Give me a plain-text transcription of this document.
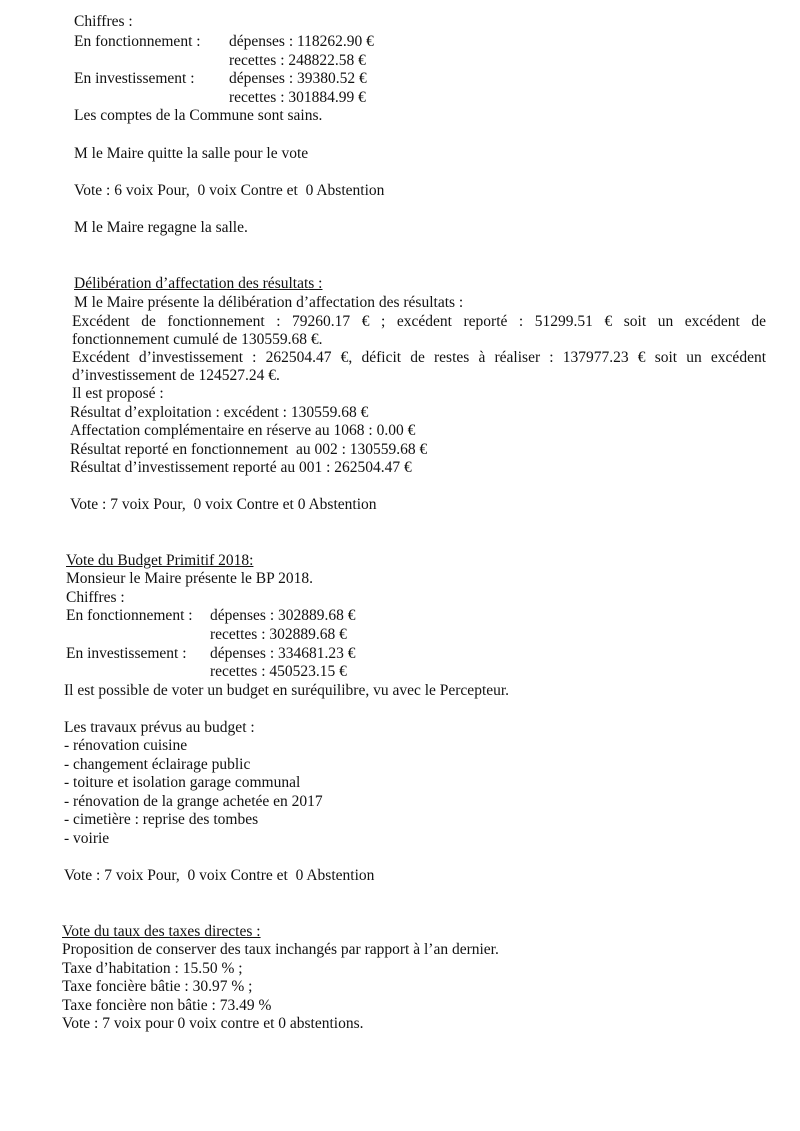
Chiffres :
En fonctionnement : dépenses : 118262.90 €
recettes : 248822.58 €
En investissement : dépenses : 39380.52 €
recettes : 301884.99 €
Les comptes de la Commune sont sains.
M le Maire quitte la salle pour le vote
Vote : 6 voix Pour,  0 voix Contre et  0 Abstention
M le Maire regagne la salle.
Délibération d’affectation des résultats :
M le Maire présente la délibération d’affectation des résultats :
Excédent de fonctionnement : 79260.17 € ; excédent reporté : 51299.51 € soit un excédent de
fonctionnement cumulé de 130559.68 €.
Excédent d’investissement : 262504.47 €, déficit de restes à réaliser : 137977.23 € soit un excédent
d’investissement de 124527.24 €.
Il est proposé :
Résultat d’exploitation : excédent : 130559.68 €
Affectation complémentaire en réserve au 1068 : 0.00 €
Résultat reporté en fonctionnement  au 002 : 130559.68 €
Résultat d’investissement reporté au 001 : 262504.47 €
Vote : 7 voix Pour,  0 voix Contre et 0 Abstention
Vote du Budget Primitif 2018:
Monsieur le Maire présente le BP 2018.
Chiffres :
En fonctionnement : dépenses : 302889.68 €
recettes : 302889.68 €
En investissement : dépenses : 334681.23 €
recettes : 450523.15 €
Il est possible de voter un budget en suréquilibre, vu avec le Percepteur.
Les travaux prévus au budget :
- rénovation cuisine
- changement éclairage public
- toiture et isolation garage communal
- rénovation de la grange achetée en 2017
- cimetière : reprise des tombes
- voirie
Vote : 7 voix Pour,  0 voix Contre et  0 Abstention
Vote du taux des taxes directes :
Proposition de conserver des taux inchangés par rapport à l’an dernier.
Taxe d’habitation : 15.50 % ;
Taxe foncière bâtie : 30.97 % ;
Taxe foncière non bâtie : 73.49 %
Vote : 7 voix pour 0 voix contre et 0 abstentions.
